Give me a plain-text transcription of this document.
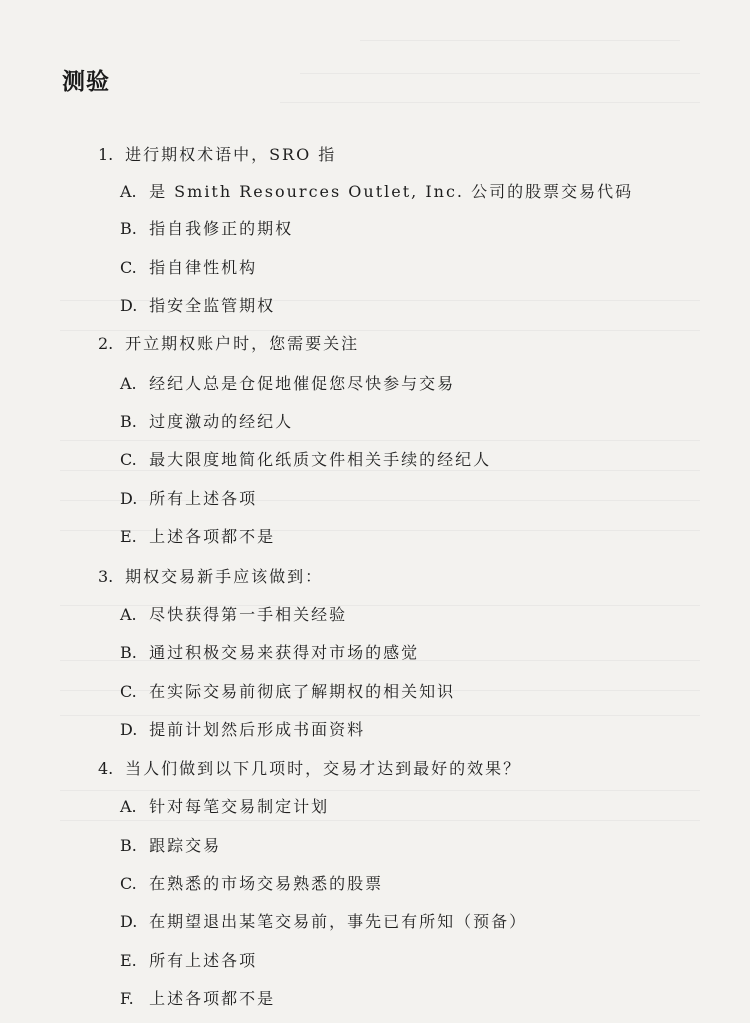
测验
1. 进行期权术语中，SRO 指
A. 是 Smith Resources Outlet, Inc. 公司的股票交易代码
B. 指自我修正的期权
C. 指自律性机构
D. 指安全监管期权
2. 开立期权账户时，您需要关注
A. 经纪人总是仓促地催促您尽快参与交易
B. 过度激动的经纪人
C. 最大限度地简化纸质文件相关手续的经纪人
D. 所有上述各项
E. 上述各项都不是
3. 期权交易新手应该做到：
A. 尽快获得第一手相关经验
B. 通过积极交易来获得对市场的感觉
C. 在实际交易前彻底了解期权的相关知识
D. 提前计划然后形成书面资料
4. 当人们做到以下几项时，交易才达到最好的效果？
A. 针对每笔交易制定计划
B. 跟踪交易
C. 在熟悉的市场交易熟悉的股票
D. 在期望退出某笔交易前，事先已有所知（预备）
E. 所有上述各项
F. 上述各项都不是
